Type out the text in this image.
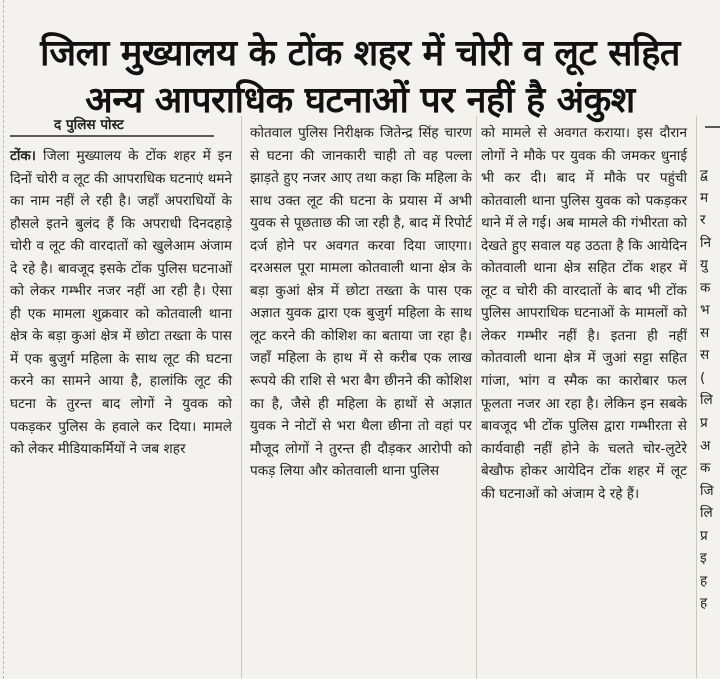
जिला मुख्यालय के टोंक शहर में चोरी व लूट सहित
अन्य आपराधिक घटनाओं पर नहीं है अंकुश
द पुलिस पोस्ट

टोंक। जिला मुख्यालय के टोंक शहर में इन दिनों चोरी व लूट की आपराधिक घटनाएं थमने का नाम नहीं ले रही है। जहाँ अपराधियों के हौसले इतने बुलंद हैं कि अपराधी दिनदहाड़े चोरी व लूट की वारदातों को खुलेआम अंजाम दे रहे है। बावजूद इसके टोंक पुलिस घटनाओं को लेकर गम्भीर नजर नहीं आ रही है। ऐसा ही एक मामला शुक्रवार को कोतवाली थाना क्षेत्र के बड़ा कुआं क्षेत्र में छोटा तख्ता के पास में एक बुजुर्ग महिला के साथ लूट की घटना करने का सामने आया है, हालांकि लूट की घटना के तुरन्त बाद लोगों ने युवक को पकड़कर पुलिस के हवाले कर दिया। मामले को लेकर मीडियाकर्मियों ने जब शहर

कोतवाल पुलिस निरीक्षक जितेन्द्र सिंह चारण से घटना की जानकारी चाही तो वह पल्ला झाड़ते हुए नजर आए तथा कहा कि महिला के साथ उक्त लूट की घटना के प्रयास में अभी युवक से पूछताछ की जा रही है, बाद में रिपोर्ट दर्ज होने पर अवगत करवा दिया जाएगा। दरअसल पूरा मामला कोतवाली थाना क्षेत्र के बड़ा कुआं क्षेत्र में छोटा तख्ता के पास एक अज्ञात युवक द्वारा एक बुजुर्ग महिला के साथ लूट करने की कोशिश का बताया जा रहा है। जहाँ महिला के हाथ में से करीब एक लाख रूपये की राशि से भरा बैग छीनने की कोशिश का है, जैसे ही महिला के हाथों से अज्ञात युवक ने नोटों से भरा थैला छीना तो वहां पर मौजूद लोगों ने तुरन्त ही दौड़कर आरोपी को पकड़ लिया और कोतवाली थाना पुलिस

को मामले से अवगत कराया। इस दौरान लोगों ने मौके पर युवक की जमकर धुनाई भी कर दी। बाद में मौके पर पहुंची कोतवाली थाना पुलिस युवक को पकड़कर थाने में ले गई। अब मामले की गंभीरता को देखते हुए सवाल यह उठता है कि आयेदिन कोतवाली थाना क्षेत्र सहित टोंक शहर में लूट व चोरी की वारदातों के बाद भी टोंक पुलिस आपराधिक घटनाओं के मामलों को लेकर गम्भीर नहीं है। इतना ही नहीं कोतवाली थाना क्षेत्र में जुआं सट्टा सहित गांजा, भांग व स्मैक का कारोबार फल फूलता नजर आ रहा है। लेकिन इन सबके बावजूद भी टोंक पुलिस द्वारा गम्भीरता से कार्यवाही नहीं होने के चलते चोर-लुटेरे बेखौफ होकर आयेदिन टोंक शहर में लूट की घटनाओं को अंजाम दे रहे हैं।

द्व
म
र
नि
यु
क
भ
स
स
(
लि
प्र
अ
क
जि
लि
प्र
इ
ह
ह
